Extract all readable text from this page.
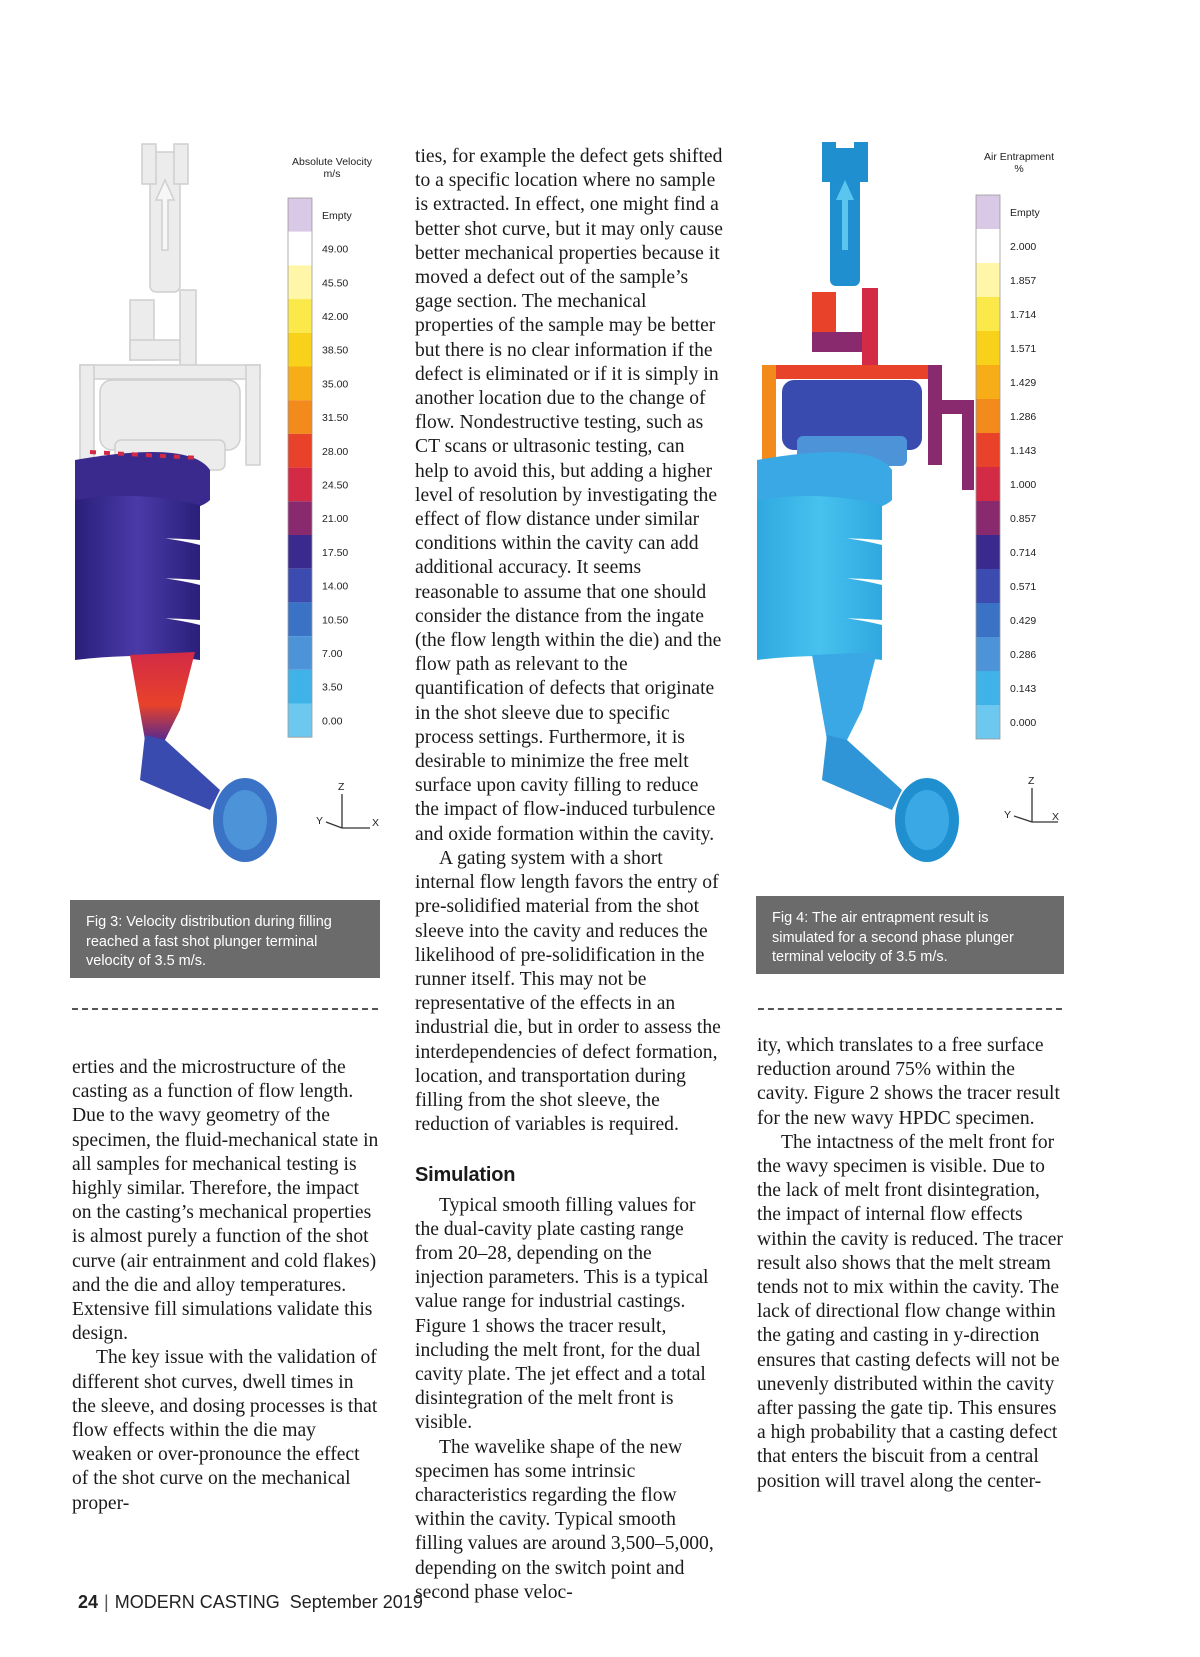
Absolute Velocity
m/s
Empty
49.00
45.50
42.00
38.50
35.00
31.50
28.00
24.50
21.00
17.50
14.00
10.50
7.00
3.50
0.00
Z
X
Y
Fig 3: Velocity distribution during filling reached a fast shot plunger terminal velocity of 3.5 m/s.
Air Entrapment
%
Empty
2.000
1.857
1.714
1.571
1.429
1.286
1.143
1.000
0.857
0.714
0.571
0.429
0.286
0.143
0.000
Z
X
Y
Fig 4: The air entrapment result is simulated for a second phase plunger terminal velocity of 3.5 m/s.

erties and the microstructure of the casting as a function of flow length. Due to the wavy geometry of the specimen, the fluid-mechanical state in all samples for mechanical testing is highly similar. Therefore, the impact on the casting’s mechanical properties is almost purely a function of the shot curve (air entrainment and cold flakes) and the die and alloy temperatures. Extensive fill simulations validate this design.

The key issue with the validation of different shot curves, dwell times in the sleeve, and dosing processes is that flow effects within the die may weaken or over-pronounce the effect of the shot curve on the mechanical proper-

ties, for example the defect gets shifted to a specific location where no sample is extracted. In effect, one might find a better shot curve, but it may only cause better mechanical properties because it moved a defect out of the sample’s gage section. The mechanical properties of the sample may be better but there is no clear information if the defect is eliminated or if it is simply in another location due to the change of flow. Nondestructive testing, such as CT scans or ultrasonic testing, can help to avoid this, but adding a higher level of resolution by investigating the effect of flow distance under similar conditions within the cavity can add additional accuracy. It seems reasonable to assume that one should consider the distance from the ingate (the flow length within the die) and the flow path as relevant to the quantification of defects that originate in the shot sleeve due to specific process settings. Furthermore, it is desirable to minimize the free melt surface upon cavity filling to reduce the impact of flow-induced turbulence and oxide formation within the cavity.

A gating system with a short internal flow length favors the entry of pre-solidified material from the shot sleeve into the cavity and reduces the likelihood of pre-solidification in the runner itself. This may not be representative of the effects in an industrial die, but in order to assess the interdependencies of defect formation, location, and transportation during filling from the shot sleeve, the reduction of variables is required.

Simulation

Typical smooth filling values for the dual-cavity plate casting range from 20–28, depending on the injection parameters. This is a typical value range for industrial castings. Figure 1 shows the tracer result, including the melt front, for the dual cavity plate. The jet effect and a total disintegration of the melt front is visible.

The wavelike shape of the new specimen has some intrinsic characteristics regarding the flow within the cavity. Typical smooth filling values are around 3,500–5,000, depending on the switch point and second phase veloc-

ity, which translates to a free surface reduction around 75% within the cavity. Figure 2 shows the tracer result for the new wavy HPDC specimen.

The intactness of the melt front for the wavy specimen is visible. Due to the lack of melt front disintegration, the impact of internal flow effects within the cavity is reduced. The tracer result also shows that the melt stream tends not to mix within the cavity. The lack of directional flow change within the gating and casting in y-direction ensures that casting defects will not be unevenly distributed within the cavity after passing the gate tip. This ensures a high probability that a casting defect that enters the biscuit from a central position will travel along the center-

24 | MODERN CASTING September 2019
